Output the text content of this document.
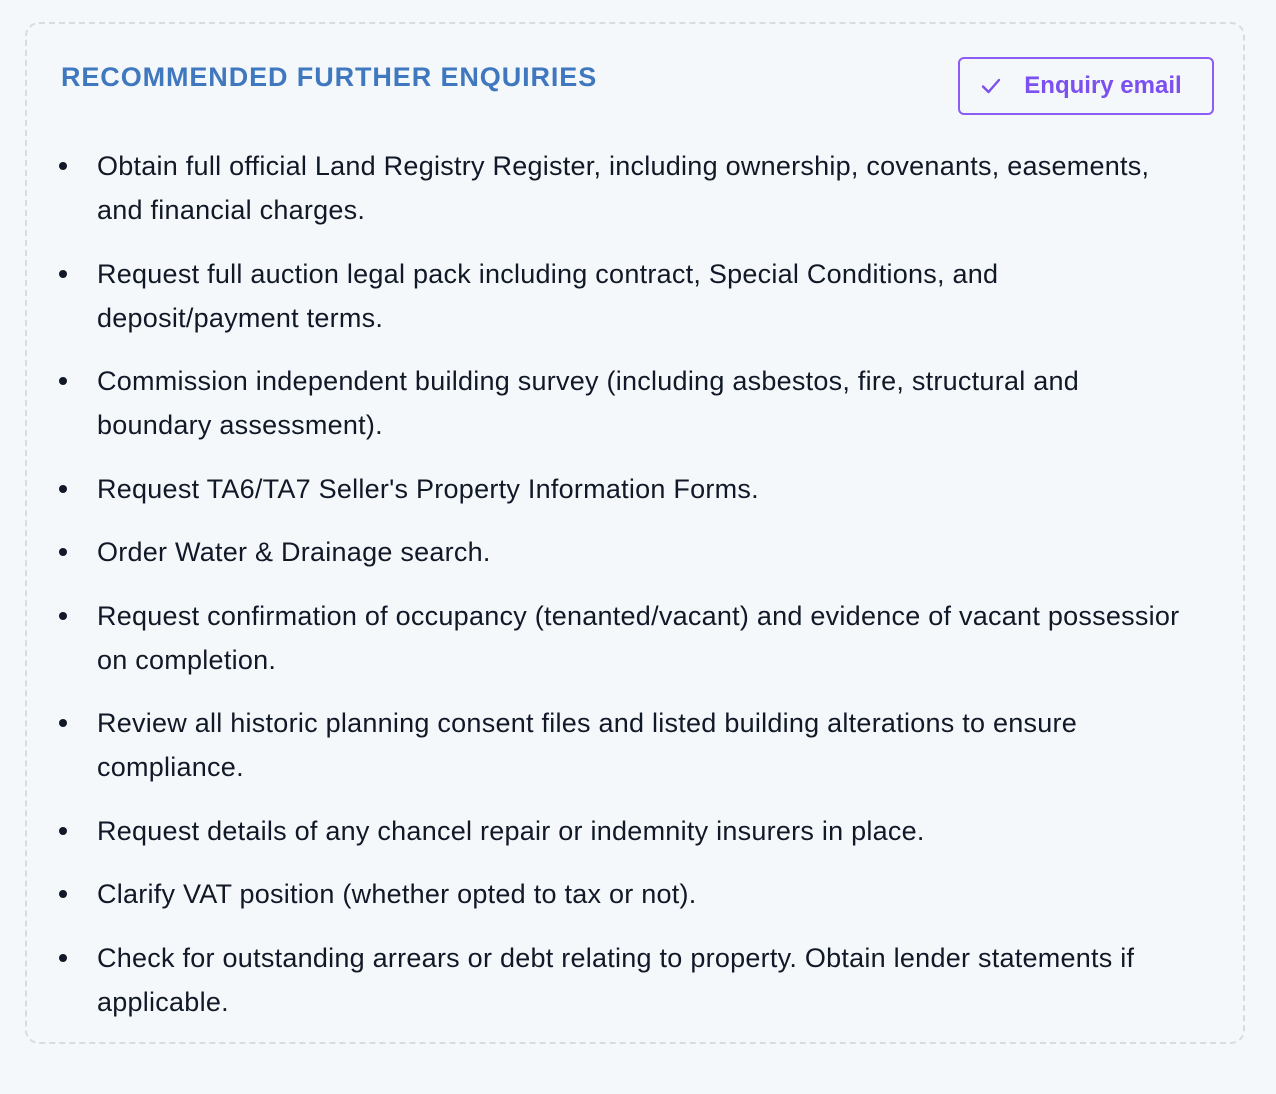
RECOMMENDED FURTHER ENQUIRIES	Enquiry email
Obtain full official Land Registry Register, including ownership, covenants, easements,
and financial charges.
Request full auction legal pack including contract, Special Conditions, and
deposit/payment terms.
Commission independent building survey (including asbestos, fire, structural and
boundary assessment).
Request TA6/TA7 Seller's Property Information Forms.
Order Water & Drainage search.
Request confirmation of occupancy (tenanted/vacant) and evidence of vacant possessior
on completion.
Review all historic planning consent files and listed building alterations to ensure
compliance.
Request details of any chancel repair or indemnity insurers in place.
Clarify VAT position (whether opted to tax or not).
Check for outstanding arrears or debt relating to property. Obtain lender statements if
applicable.
